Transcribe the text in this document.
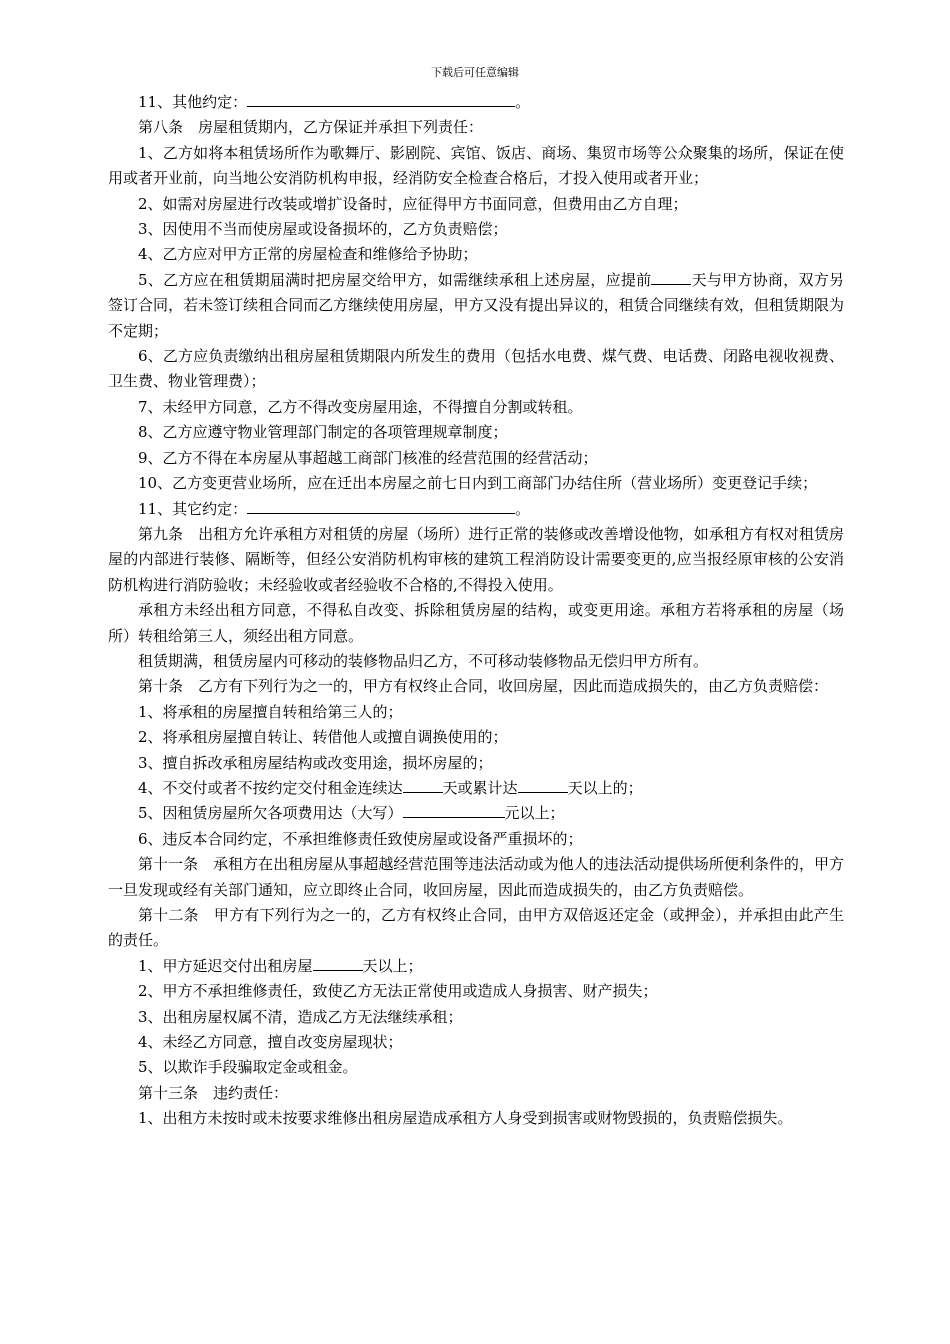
下载后可任意编辑

11、其他约定：	。

第八条　房屋租赁期内，乙方保证并承担下列责任：

1、乙方如将本租赁场所作为歌舞厅、影剧院、宾馆、饭店、商场、集贸市场等公众聚集的场所，保证在使用或者开业前，向当地公安消防机构申报，经消防安全检查合格后，才投入使用或者开业；

2、如需对房屋进行改装或增扩设备时，应征得甲方书面同意，但费用由乙方自理；

3、因使用不当而使房屋或设备损坏的，乙方负责赔偿；

4、乙方应对甲方正常的房屋检查和维修给予协助；

5、乙方应在租赁期届满时把房屋交给甲方，如需继续承租上述房屋，应提前	天与甲方协商，双方另签订合同，若未签订续租合同而乙方继续使用房屋，甲方又没有提出异议的，租赁合同继续有效，但租赁期限为不定期；

6、乙方应负责缴纳出租房屋租赁期限内所发生的费用（包括水电费、煤气费、电话费、闭路电视收视费、卫生费、物业管理费）；

7、未经甲方同意，乙方不得改变房屋用途，不得擅自分割或转租。

8、乙方应遵守物业管理部门制定的各项管理规章制度；

9、乙方不得在本房屋从事超越工商部门核准的经营范围的经营活动；

10、乙方变更营业场所，应在迁出本房屋之前七日内到工商部门办结住所（营业场所）变更登记手续；

11、其它约定：	。

第九条　出租方允许承租方对租赁的房屋（场所）进行正常的装修或改善增设他物，如承租方有权对租赁房屋的内部进行装修、隔断等，但经公安消防机构审核的建筑工程消防设计需要变更的,应当报经原审核的公安消防机构进行消防验收；未经验收或者经验收不合格的,不得投入使用。

承租方未经出租方同意，不得私自改变、拆除租赁房屋的结构，或变更用途。承租方若将承租的房屋（场所）转租给第三人，须经出租方同意。

租赁期满，租赁房屋内可移动的装修物品归乙方，不可移动装修物品无偿归甲方所有。

第十条　乙方有下列行为之一的，甲方有权终止合同，收回房屋，因此而造成损失的，由乙方负责赔偿：

1、将承租的房屋擅自转租给第三人的；

2、将承租房屋擅自转让、转借他人或擅自调换使用的；

3、擅自拆改承租房屋结构或改变用途，损坏房屋的；

4、不交付或者不按约定交付租金连续达	天或累计达	天以上的；

5、因租赁房屋所欠各项费用达（大写）	元以上；

6、违反本合同约定，不承担维修责任致使房屋或设备严重损坏的；

第十一条　承租方在出租房屋从事超越经营范围等违法活动或为他人的违法活动提供场所便利条件的，甲方一旦发现或经有关部门通知，应立即终止合同，收回房屋，因此而造成损失的，由乙方负责赔偿。

第十二条　甲方有下列行为之一的，乙方有权终止合同，由甲方双倍返还定金（或押金），并承担由此产生的责任。

1、甲方延迟交付出租房屋	天以上；

2、甲方不承担维修责任，致使乙方无法正常使用或造成人身损害、财产损失；

3、出租房屋权属不清，造成乙方无法继续承租；

4、未经乙方同意，擅自改变房屋现状；

5、以欺诈手段骗取定金或租金。

第十三条　违约责任：

1、出租方未按时或未按要求维修出租房屋造成承租方人身受到损害或财物毁损的，负责赔偿损失。
